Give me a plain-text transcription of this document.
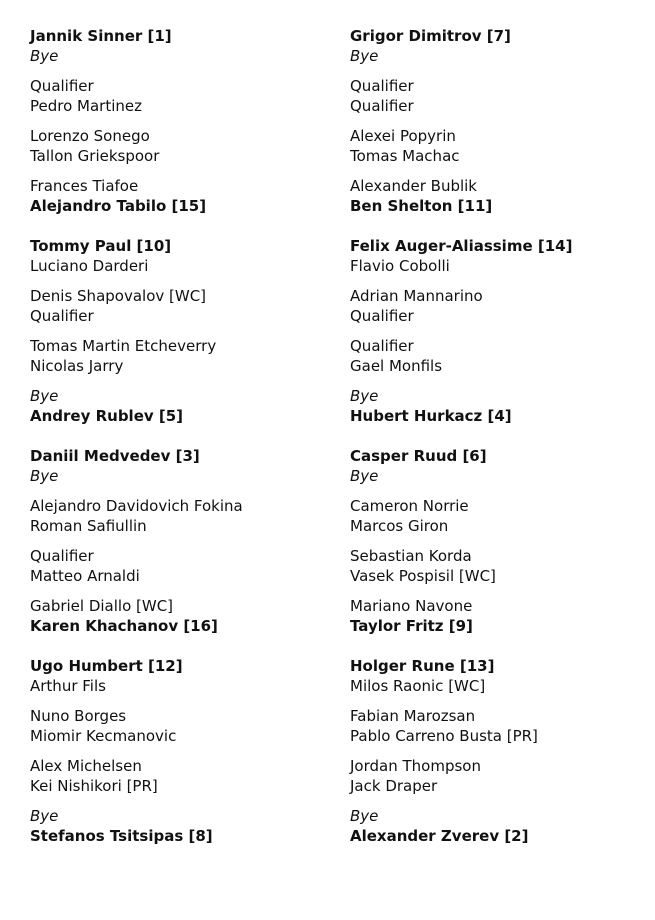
Jannik Sinner [1]
Bye
Qualifier
Pedro Martinez
Lorenzo Sonego
Tallon Griekspoor
Frances Tiafoe
Alejandro Tabilo [15]
Tommy Paul [10]
Luciano Darderi
Denis Shapovalov [WC]
Qualifier
Tomas Martin Etcheverry
Nicolas Jarry
Bye
Andrey Rublev [5]
Daniil Medvedev [3]
Bye
Alejandro Davidovich Fokina
Roman Safiullin
Qualifier
Matteo Arnaldi
Gabriel Diallo [WC]
Karen Khachanov [16]
Ugo Humbert [12]
Arthur Fils
Nuno Borges
Miomir Kecmanovic
Alex Michelsen
Kei Nishikori [PR]
Bye
Stefanos Tsitsipas [8]
Grigor Dimitrov [7]
Bye
Qualifier
Qualifier
Alexei Popyrin
Tomas Machac
Alexander Bublik
Ben Shelton [11]
Felix Auger-Aliassime [14]
Flavio Cobolli
Adrian Mannarino
Qualifier
Qualifier
Gael Monfils
Bye
Hubert Hurkacz [4]
Casper Ruud [6]
Bye
Cameron Norrie
Marcos Giron
Sebastian Korda
Vasek Pospisil [WC]
Mariano Navone
Taylor Fritz [9]
Holger Rune [13]
Milos Raonic [WC]
Fabian Marozsan
Pablo Carreno Busta [PR]
Jordan Thompson
Jack Draper
Bye
Alexander Zverev [2]
